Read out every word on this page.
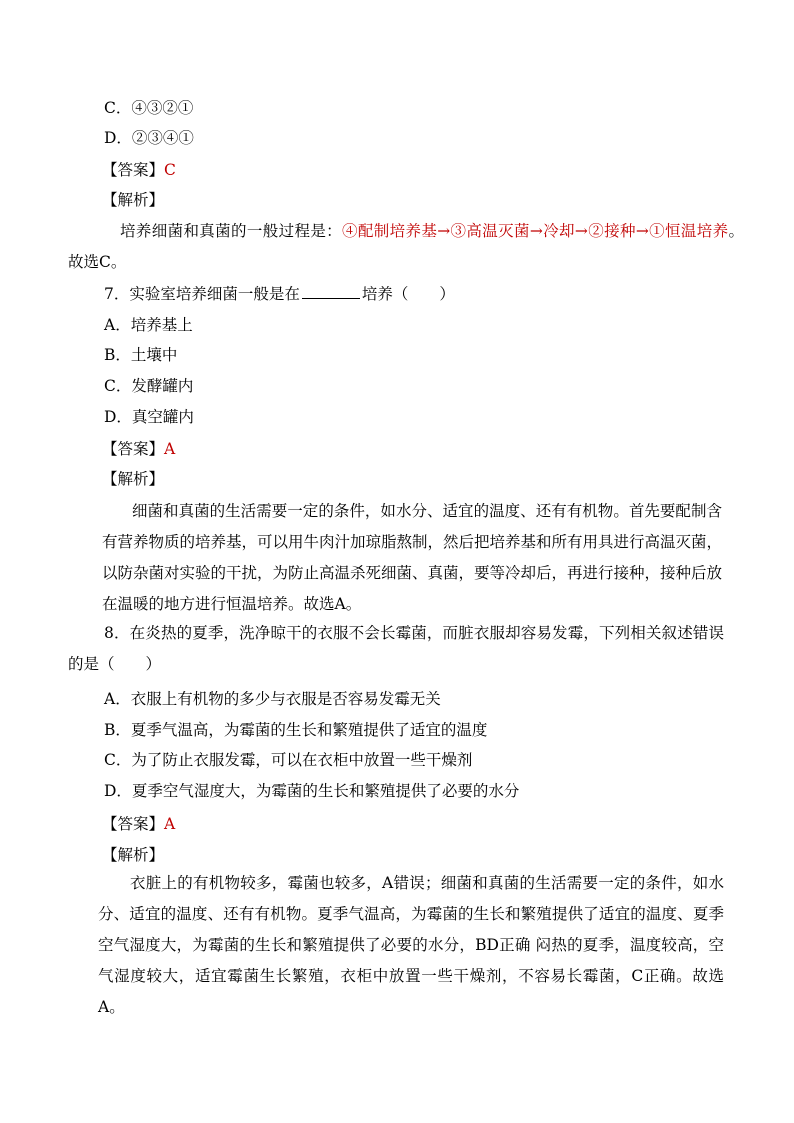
C．④③②①
D．②③④①
【答案】C
【解析】
培养细菌和真菌的一般过程是：④配制培养基→③高温灭菌→冷却→②接种→①恒温培养。故选C。
7．实验室培养细菌一般是在	培养（　　）
A．培养基上
B．土壤中
C．发酵罐内
D．真空罐内
【答案】A
【解析】
细菌和真菌的生活需要一定的条件，如水分、适宜的温度、还有有机物。首先要配制含有营养物质的培养基，可以用牛肉汁加琼脂熬制，然后把培养基和所有用具进行高温灭菌，以防杂菌对实验的干扰，为防止高温杀死细菌、真菌，要等冷却后，再进行接种，接种后放在温暖的地方进行恒温培养。故选A。
8．在炎热的夏季，洗净晾干的衣服不会长霉菌，而脏衣服却容易发霉，下列相关叙述错误的是（　　）
A．衣服上有机物的多少与衣服是否容易发霉无关
B．夏季气温高，为霉菌的生长和繁殖提供了适宜的温度
C．为了防止衣服发霉，可以在衣柜中放置一些干燥剂
D．夏季空气湿度大，为霉菌的生长和繁殖提供了必要的水分
【答案】A
【解析】
衣脏上的有机物较多，霉菌也较多，A错误；细菌和真菌的生活需要一定的条件，如水分、适宜的温度、还有有机物。夏季气温高，为霉菌的生长和繁殖提供了适宜的温度、夏季空气湿度大，为霉菌的生长和繁殖提供了必要的水分，BD正确 闷热的夏季，温度较高，空气湿度较大，适宜霉菌生长繁殖，衣柜中放置一些干燥剂，不容易长霉菌，C正确。故选A。
